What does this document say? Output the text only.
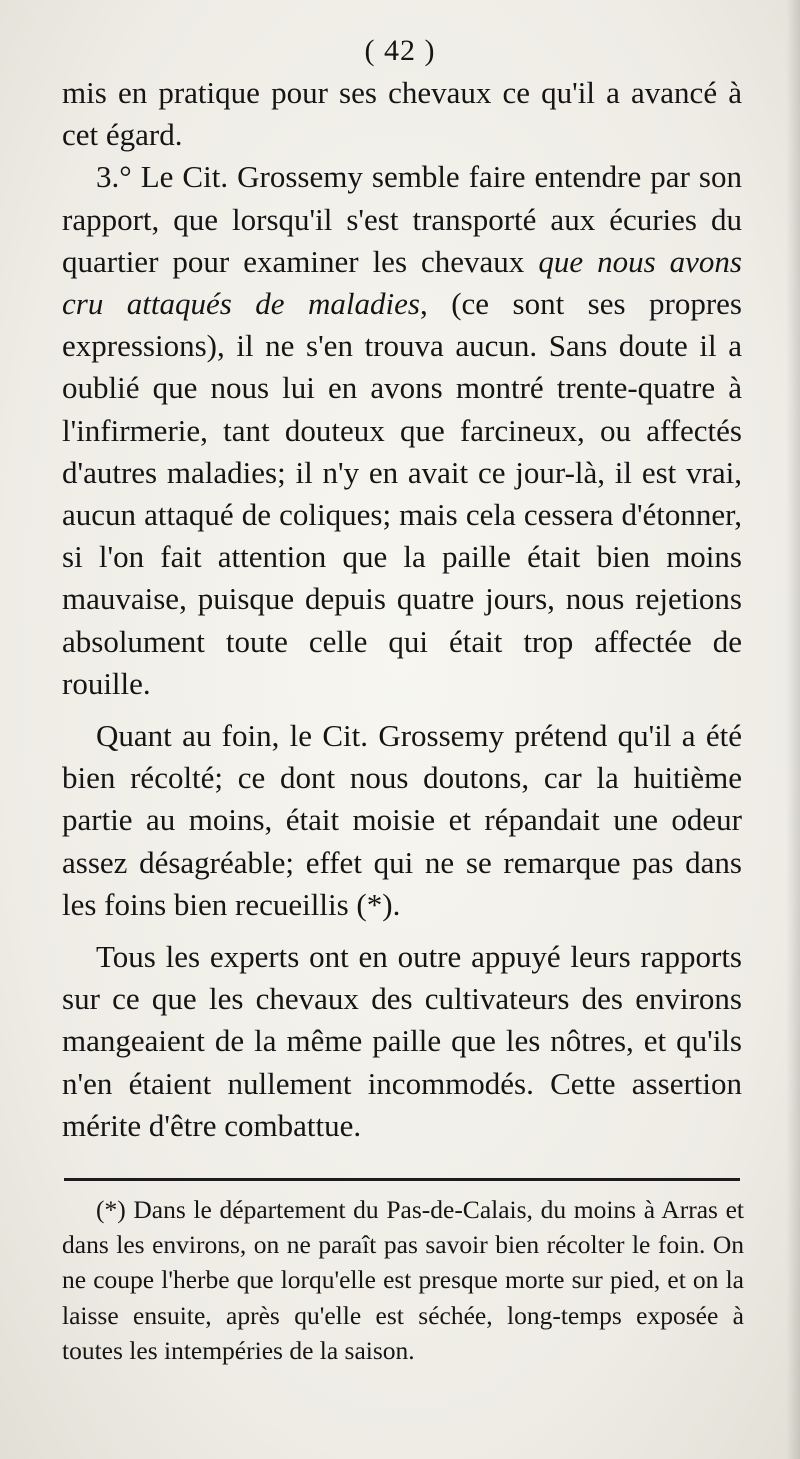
( 42 )

mis en pratique pour ses chevaux ce qu'il a avancé à cet égard.

3.° Le Cit. Grossemy semble faire entendre par son rapport, que lorsqu'il s'est transporté aux écuries du quartier pour examiner les chevaux que nous avons cru attaqués de maladies, (ce sont ses propres expressions), il ne s'en trouva aucun. Sans doute il a oublié que nous lui en avons montré trente-quatre à l'infirmerie, tant douteux que farcineux, ou affectés d'autres maladies; il n'y en avait ce jour-là, il est vrai, aucun attaqué de coliques; mais cela cessera d'étonner, si l'on fait attention que la paille était bien moins mauvaise, puisque depuis quatre jours, nous rejetions absolument toute celle qui était trop affectée de rouille.

Quant au foin, le Cit. Grossemy prétend qu'il a été bien récolté; ce dont nous doutons, car la huitième partie au moins, était moisie et répandait une odeur assez désagréable; effet qui ne se remarque pas dans les foins bien recueillis (*).

Tous les experts ont en outre appuyé leurs rapports sur ce que les chevaux des cultivateurs des environs mangeaient de la même paille que les nôtres, et qu'ils n'en étaient nullement incommodés. Cette assertion mérite d'être combattue.

(*) Dans le département du Pas-de-Calais, du moins à Arras et dans les environs, on ne paraît pas savoir bien récolter le foin. On ne coupe l'herbe que lorqu'elle est presque morte sur pied, et on la laisse ensuite, après qu'elle est séchée, long-temps exposée à toutes les intempéries de la saison.
